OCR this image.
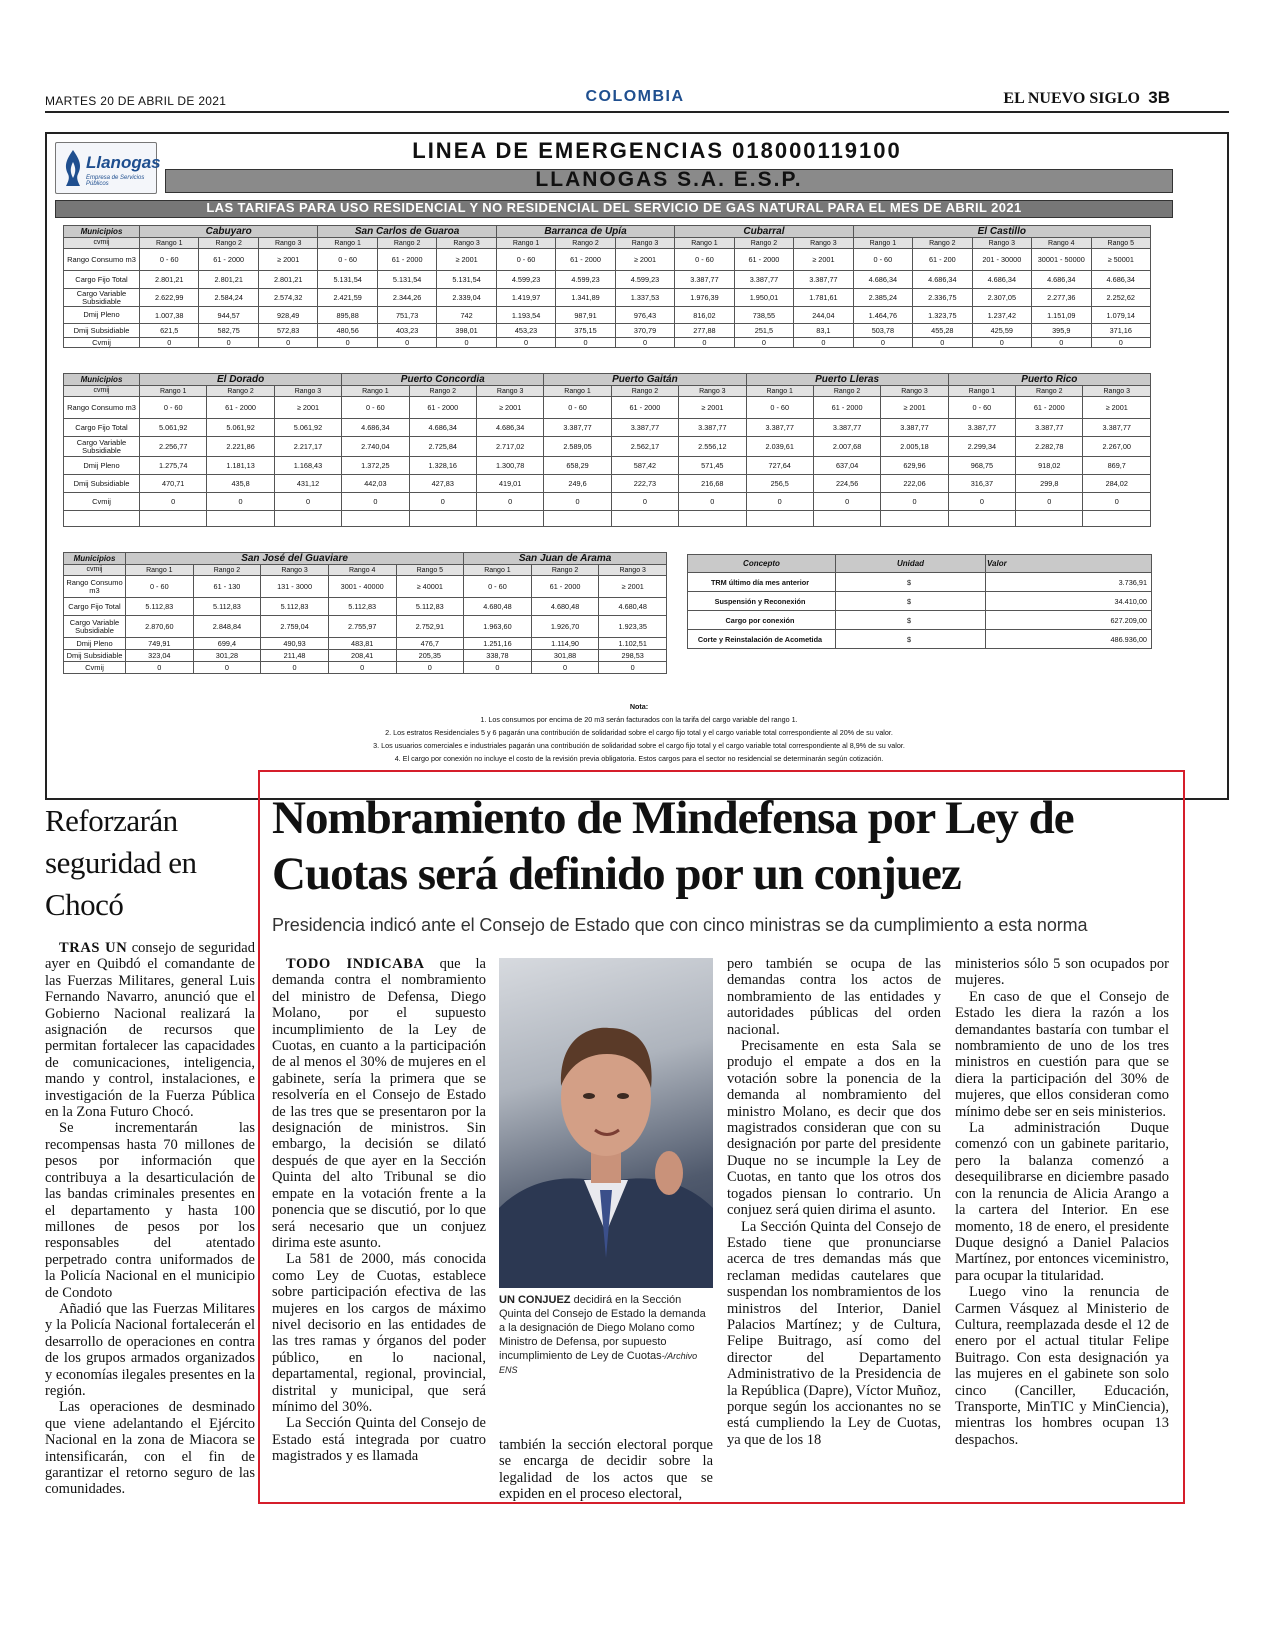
MARTES 20 DE ABRIL DE 2021	COLOMBIA	EL NUEVO SIGLO 3B
Llanogas
Empresa de Servicios Públicos
LINEA DE EMERGENCIAS 018000119100
LLANOGAS S.A. E.S.P.
LAS TARIFAS PARA USO RESIDENCIAL Y NO RESIDENCIAL DEL SERVICIO DE GAS NATURAL PARA EL MES DE ABRIL 2021
Municipios	Cabuyaro			San Carlos de Guaroa			Barranca de Upía			Cubarral			El Castillo				
cvmij	Rango 1	Rango 2	Rango 3	Rango 1	Rango 2	Rango 3	Rango 1	Rango 2	Rango 3	Rango 1	Rango 2	Rango 3	Rango 1	Rango 2	Rango 3	Rango 4	Rango 5
Rango Consumo m3	0 - 60	61 - 2000	≥ 2001	0 - 60	61 - 2000	≥ 2001	0 - 60	61 - 2000	≥ 2001	0 - 60	61 - 2000	≥ 2001	0 - 60	61 - 200	201 - 30000	30001 - 50000	≥ 50001
Cargo Fijo Total	2.801,21	2.801,21	2.801,21	5.131,54	5.131,54	5.131,54	4.599,23	4.599,23	4.599,23	3.387,77	3.387,77	3.387,77	4.686,34	4.686,34	4.686,34	4.686,34	4.686,34
Cargo Variable Subsidiable	2.622,99	2.584,24	2.574,32	2.421,59	2.344,26	2.339,04	1.419,97	1.341,89	1.337,53	1.976,39	1.950,01	1.781,61	2.385,24	2.336,75	2.307,05	2.277,36	2.252,62
Dmij Pleno	1.007,38	944,57	928,49	895,88	751,73	742	1.193,54	987,91	976,43	816,02	738,55	244,04	1.464,76	1.323,75	1.237,42	1.151,09	1.079,14
Dmij Subsidiable	621,5	582,75	572,83	480,56	403,23	398,01	453,23	375,15	370,79	277,88	251,5	83,1	503,78	455,28	425,59	395,9	371,16
Cvmij	0	0	0	0	0	0	0	0	0	0	0	0	0	0	0	0	0
Municipios	El Dorado			Puerto Concordia			Puerto Gaitán			Puerto Lleras			Puerto Rico		
cvmij	Rango 1	Rango 2	Rango 3	Rango 1	Rango 2	Rango 3	Rango 1	Rango 2	Rango 3	Rango 1	Rango 2	Rango 3	Rango 1	Rango 2	Rango 3
Rango Consumo m3	0 - 60	61 - 2000	≥ 2001	0 - 60	61 - 2000	≥ 2001	0 - 60	61 - 2000	≥ 2001	0 - 60	61 - 2000	≥ 2001	0 - 60	61 - 2000	≥ 2001
Cargo Fijo Total	5.061,92	5.061,92	5.061,92	4.686,34	4.686,34	4.686,34	3.387,77	3.387,77	3.387,77	3.387,77	3.387,77	3.387,77	3.387,77	3.387,77	3.387,77
Cargo Variable Subsidiable	2.256,77	2.221,86	2.217,17	2.740,04	2.725,84	2.717,02	2.589,05	2.562,17	2.556,12	2.039,61	2.007,68	2.005,18	2.299,34	2.282,78	2.267,00
Dmij Pleno	1.275,74	1.181,13	1.168,43	1.372,25	1.328,16	1.300,78	658,29	587,42	571,45	727,64	637,04	629,96	968,75	918,02	869,7
Dmij Subsidiable	470,71	435,8	431,12	442,03	427,83	419,01	249,6	222,73	216,68	256,5	224,56	222,06	316,37	299,8	284,02
Cvmij	0	0	0	0	0	0	0	0	0	0	0	0	0	0	0

Municipios	San José del Guaviare					San Juan de Arama		
cvmij	Rango 1	Rango 2	Rango 3	Rango 4	Rango 5	Rango 1	Rango 2	Rango 3
Rango Consumo m3	0 - 60	61 - 130	131 - 3000	3001 - 40000	≥ 40001	0 - 60	61 - 2000	≥ 2001
Cargo Fijo Total	5.112,83	5.112,83	5.112,83	5.112,83	5.112,83	4.680,48	4.680,48	4.680,48
Cargo Variable Subsidiable	2.870,60	2.848,84	2.759,04	2.755,97	2.752,91	1.963,60	1.926,70	1.923,35
Dmij Pleno	749,91	699,4	490,93	483,81	476,7	1.251,16	1.114,90	1.102,51
Dmij Subsidiable	323,04	301,28	211,48	208,41	205,35	338,78	301,88	298,53
Cvmij	0	0	0	0	0	0	0	0
Concepto	Unidad	Valor
TRM último día mes anterior	$	3.736,91
Suspensión y Reconexión	$	34.410,00
Cargo por conexión	$	627.209,00
Corte y Reinstalación de Acometida	$	486.936,00
Nota:
1. Los consumos por encima de 20 m3 serán facturados con la tarifa del cargo variable del rango 1.
2. Los estratos Residenciales 5 y 6 pagarán una contribución de solidaridad sobre el cargo fijo total y el cargo variable total correspondiente al 20% de su valor.
3. Los usuarios comerciales e industriales pagarán una contribución de solidaridad sobre el cargo fijo total y el cargo variable total correspondiente al 8,9% de su valor.
4. El cargo por conexión no incluye el costo de la revisión previa obligatoria. Estos cargos para el sector no residencial se determinarán según cotización.
Reforzarán seguridad en Chocó

TRAS UN consejo de seguridad ayer en Quibdó el comandante de las Fuerzas Militares, general Luis Fernando Navarro, anunció que el Gobierno Nacional realizará la asignación de recursos que permitan fortalecer las capacidades de comunicaciones, inteligencia, mando y control, instalaciones, e investigación de la Fuerza Pública en la Zona Futuro Chocó.

Se incrementarán las recompensas hasta 70 millones de pesos por información que contribuya a la desarticulación de las bandas criminales presentes en el departamento y hasta 100 millones de pesos por los responsables del atentado perpetrado contra uniformados de la Policía Nacional en el municipio de Condoto

Añadió que las Fuerzas Militares y la Policía Nacional fortalecerán el desarrollo de operaciones en contra de los grupos armados organizados y economías ilegales presentes en la región.

Las operaciones de desminado que viene adelantando el Ejército Nacional en la zona de Miacora se intensificarán, con el fin de garantizar el retorno seguro de las comunidades.

Nombramiento de Mindefensa por Ley de Cuotas será definido por un conjuez
Presidencia indicó ante el Consejo de Estado que con cinco ministras se da cumplimiento a esta norma

TODO INDICABA que la demanda contra el nombramiento del ministro de Defensa, Diego Molano, por el supuesto incumplimiento de la Ley de Cuotas, en cuanto a la participación de al menos el 30% de mujeres en el gabinete, sería la primera que se resolvería en el Consejo de Estado de las tres que se presentaron por la designación de ministros. Sin embargo, la decisión se dilató después de que ayer en la Sección Quinta del alto Tribunal se dio empate en la votación frente a la ponencia que se discutió, por lo que será necesario que un conjuez dirima este asunto.

La 581 de 2000, más conocida como Ley de Cuotas, establece sobre participación efectiva de las mujeres en los cargos de máximo nivel decisorio en las entidades de las tres ramas y órganos del poder público, en lo nacional, departamental, regional, provincial, distrital y municipal, que será mínimo del 30%.

La Sección Quinta del Consejo de Estado está integrada por cuatro magistrados y es llamada

UN CONJUEZ decidirá en la Sección Quinta del Consejo de Estado la demanda a la designación de Diego Molano como Ministro de Defensa, por supuesto incumplimiento de Ley de Cuotas-/Archivo ENS
también la sección electoral porque se encarga de decidir sobre la legalidad de los actos que se expiden en el proceso electoral,

pero también se ocupa de las demandas contra los actos de nombramiento de las entidades y autoridades públicas del orden nacional.

Precisamente en esta Sala se produjo el empate a dos en la votación sobre la ponencia de la demanda al nombramiento del ministro Molano, es decir que dos magistrados consideran que con su designación por parte del presidente Duque no se incumple la Ley de Cuotas, en tanto que los otros dos togados piensan lo contrario. Un conjuez será quien dirima el asunto.

La Sección Quinta del Consejo de Estado tiene que pronunciarse acerca de tres demandas más que reclaman medidas cautelares que suspendan los nombramientos de los ministros del Interior, Daniel Palacios Martínez; y de Cultura, Felipe Buitrago, así como del director del Departamento Administrativo de la Presidencia de la República (Dapre), Víctor Muñoz, porque según los accionantes no se está cumpliendo la Ley de Cuotas, ya que de los 18

ministerios sólo 5 son ocupados por mujeres.

En caso de que el Consejo de Estado les diera la razón a los demandantes bastaría con tumbar el nombramiento de uno de los tres ministros en cuestión para que se diera la participación del 30% de mujeres, que ellos consideran como mínimo debe ser en seis ministerios.

La administración Duque comenzó con un gabinete paritario, pero la balanza comenzó a desequilibrarse en diciembre pasado con la renuncia de Alicia Arango a la cartera del Interior. En ese momento, 18 de enero, el presidente Duque designó a Daniel Palacios Martínez, por entonces viceministro, para ocupar la titularidad.

Luego vino la renuncia de Carmen Vásquez al Ministerio de Cultura, reemplazada desde el 12 de enero por el actual titular Felipe Buitrago. Con esta designación ya las mujeres en el gabinete son solo cinco (Canciller, Educación, Transporte, MinTIC y MinCiencia), mientras los hombres ocupan 13 despachos.
